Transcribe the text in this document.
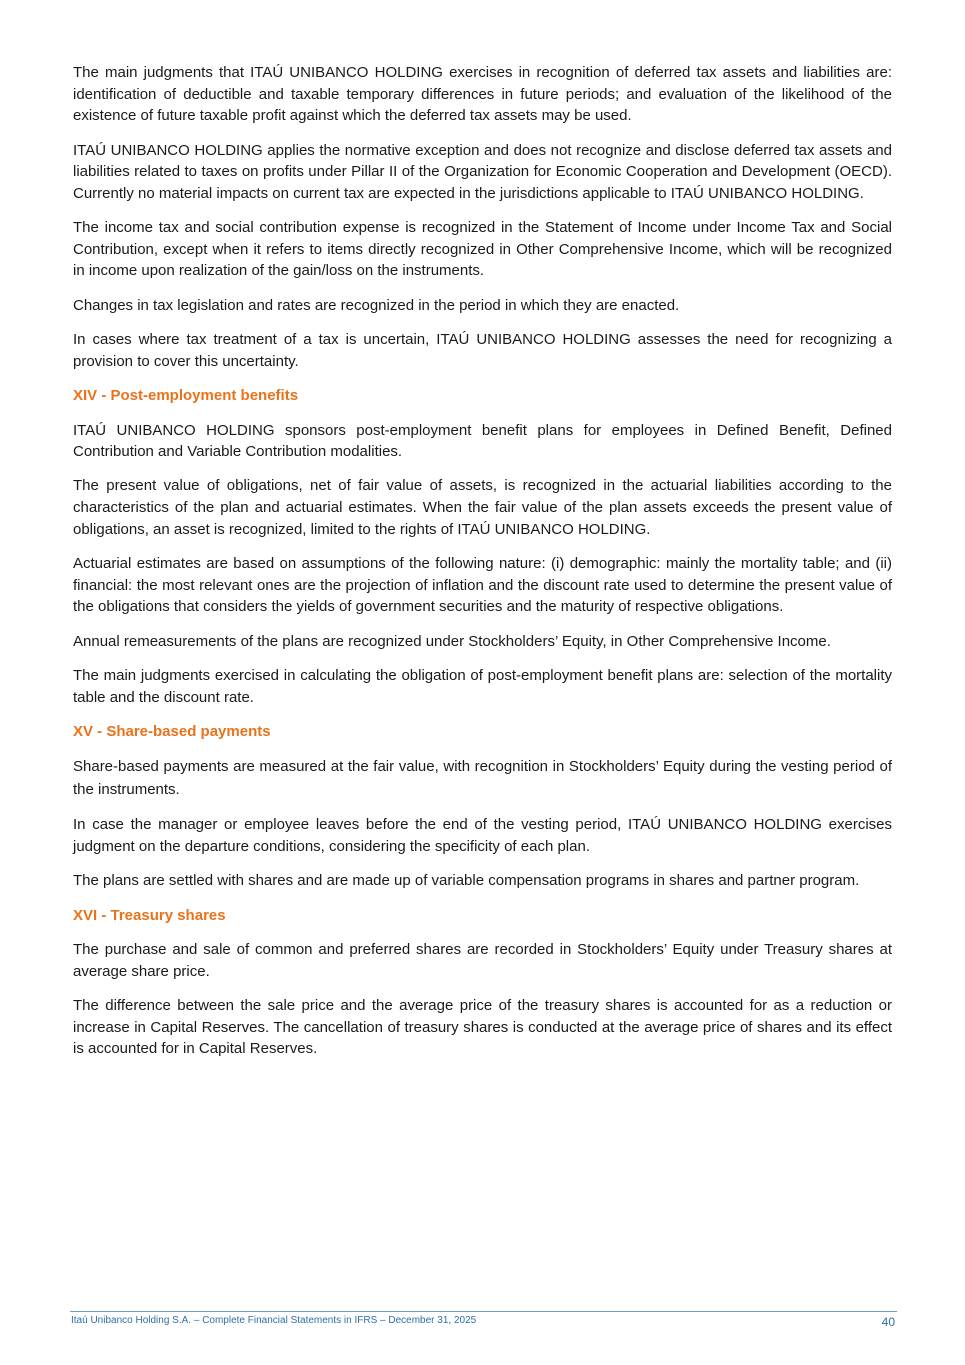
The main judgments that ITAÚ UNIBANCO HOLDING exercises in recognition of deferred tax assets and liabilities are: identification of deductible and taxable temporary differences in future periods; and evaluation of the likelihood of the existence of future taxable profit against which the deferred tax assets may be used.

ITAÚ UNIBANCO HOLDING applies the normative exception and does not recognize and disclose deferred tax assets and liabilities related to taxes on profits under Pillar II of the Organization for Economic Cooperation and Development (OECD). Currently no material impacts on current tax are expected in the jurisdictions applicable to ITAÚ UNIBANCO HOLDING.

The income tax and social contribution expense is recognized in the Statement of Income under Income Tax and Social Contribution, except when it refers to items directly recognized in Other Comprehensive Income, which will be recognized in income upon realization of the gain/loss on the instruments.

Changes in tax legislation and rates are recognized in the period in which they are enacted.

In cases where tax treatment of a tax is uncertain, ITAÚ UNIBANCO HOLDING assesses the need for recognizing a provision to cover this uncertainty.

XIV - Post-employment benefits

ITAÚ UNIBANCO HOLDING sponsors post-employment benefit plans for employees in Defined Benefit, Defined Contribution and Variable Contribution modalities.

The present value of obligations, net of fair value of assets, is recognized in the actuarial liabilities according to the characteristics of the plan and actuarial estimates. When the fair value of the plan assets exceeds the present value of obligations, an asset is recognized, limited to the rights of ITAÚ UNIBANCO HOLDING.

Actuarial estimates are based on assumptions of the following nature: (i) demographic: mainly the mortality table; and (ii) financial: the most relevant ones are the projection of inflation and the discount rate used to determine the present value of the obligations that considers the yields of government securities and the maturity of respective obligations.

Annual remeasurements of the plans are recognized under Stockholders’ Equity, in Other Comprehensive Income.

The main judgments exercised in calculating the obligation of post-employment benefit plans are: selection of the mortality table and the discount rate.

XV - Share-based payments

Share-based payments are measured at the fair value, with recognition in Stockholders’ Equity during the vesting period of the instruments.

In case the manager or employee leaves before the end of the vesting period, ITAÚ UNIBANCO HOLDING exercises judgment on the departure conditions, considering the specificity of each plan.

The plans are settled with shares and are made up of variable compensation programs in shares and partner program.

XVI - Treasury shares

The purchase and sale of common and preferred shares are recorded in Stockholders’ Equity under Treasury shares at average share price.

The difference between the sale price and the average price of the treasury shares is accounted for as a reduction or increase in Capital Reserves. The cancellation of treasury shares is conducted at the average price of shares and its effect is accounted for in Capital Reserves.

Itaú Unibanco Holding S.A. – Complete Financial Statements in IFRS – December 31, 2025	40
